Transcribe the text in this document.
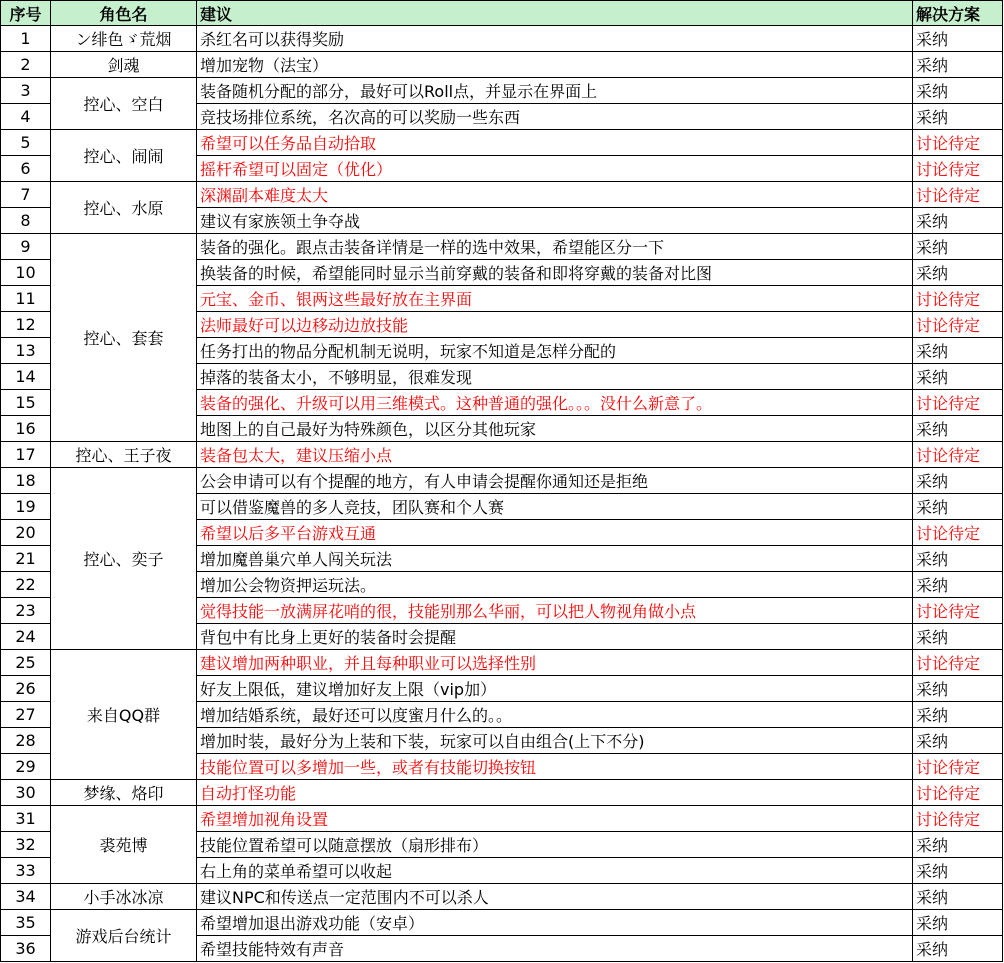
序号	角色名	建议	解决方案
1	ン绯色ゞ荒烟	杀红名可以获得奖励	采纳
2	剑魂	增加宠物（法宝）	采纳
3	控心、空白	装备随机分配的部分，最好可以Roll点，并显示在界面上	采纳
4		竞技场排位系统，名次高的可以奖励一些东西	采纳
5	控心、闹闹	希望可以任务品自动拾取	讨论待定
6		摇杆希望可以固定（优化）	讨论待定
7	控心、水原	深渊副本难度太大	讨论待定
8		建议有家族领土争夺战	采纳
9	控心、套套	装备的强化。跟点击装备详情是一样的选中效果，希望能区分一下	采纳
10		换装备的时候，希望能同时显示当前穿戴的装备和即将穿戴的装备对比图	采纳
11		元宝、金币、银两这些最好放在主界面	讨论待定
12		法师最好可以边移动边放技能	讨论待定
13		任务打出的物品分配机制无说明，玩家不知道是怎样分配的	采纳
14		掉落的装备太小，不够明显，很难发现	采纳
15		装备的强化、升级可以用三维模式。这种普通的强化。。。没什么新意了。	讨论待定
16		地图上的自己最好为特殊颜色，以区分其他玩家	采纳
17	控心、王子夜	装备包太大，建议压缩小点	讨论待定
18	控心、奕子	公会申请可以有个提醒的地方，有人申请会提醒你通知还是拒绝	采纳
19		可以借鉴魔兽的多人竞技，团队赛和个人赛	采纳
20		希望以后多平台游戏互通	讨论待定
21		增加魔兽巢穴单人闯关玩法	采纳
22		增加公会物资押运玩法。	采纳
23		觉得技能一放满屏花哨的很，技能别那么华丽，可以把人物视角做小点	讨论待定
24		背包中有比身上更好的装备时会提醒	采纳
25	来自QQ群	建议增加两种职业，并且每种职业可以选择性别	讨论待定
26		好友上限低，建议增加好友上限（vip加）	采纳
27		增加结婚系统，最好还可以度蜜月什么的。。	采纳
28		增加时装，最好分为上装和下装，玩家可以自由组合(上下不分)	采纳
29		技能位置可以多增加一些，或者有技能切换按钮	讨论待定
30	梦缘、烙印	自动打怪功能	讨论待定
31	裘苑博	希望增加视角设置	讨论待定
32		技能位置希望可以随意摆放（扇形排布）	采纳
33		右上角的菜单希望可以收起	采纳
34	小手冰冰凉	建议NPC和传送点一定范围内不可以杀人	采纳
35	游戏后台统计	希望增加退出游戏功能（安卓）	采纳
36		希望技能特效有声音	采纳
